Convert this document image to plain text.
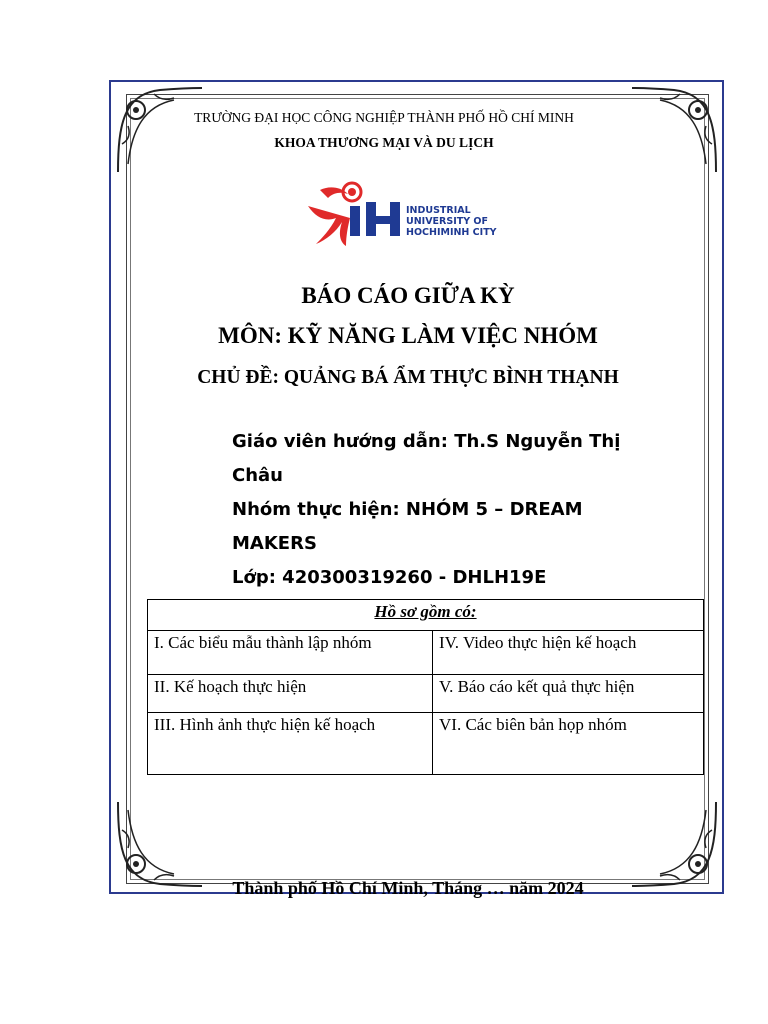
TRƯỜNG ĐẠI HỌC CÔNG NGHIỆP THÀNH PHỐ HỒ CHÍ MINH
KHOA THƯƠNG MẠI VÀ DU LỊCH
INDUSTRIAL
UNIVERSITY OF
HOCHIMINH CITY
BÁO CÁO GIỮA KỲ
MÔN: KỸ NĂNG LÀM VIỆC NHÓM
CHỦ ĐỀ: QUẢNG BÁ ẨM THỰC BÌNH THẠNH

Giáo viên hướng dẫn: Th.S Nguyễn Thị Châu

Nhóm thực hiện: NHÓM 5 – DREAM MAKERS

Lớp: 420300319260 - DHLH19E

Hồ sơ gồm có:	
I. Các biểu mẫu thành lập nhóm	IV. Video thực hiện kế hoạch
II. Kế hoạch thực hiện	V. Báo cáo kết quả thực hiện
III. Hình ảnh thực hiện kế hoạch	VI. Các biên bản họp nhóm
Thành phố Hồ Chí Minh, Tháng … năm 2024
